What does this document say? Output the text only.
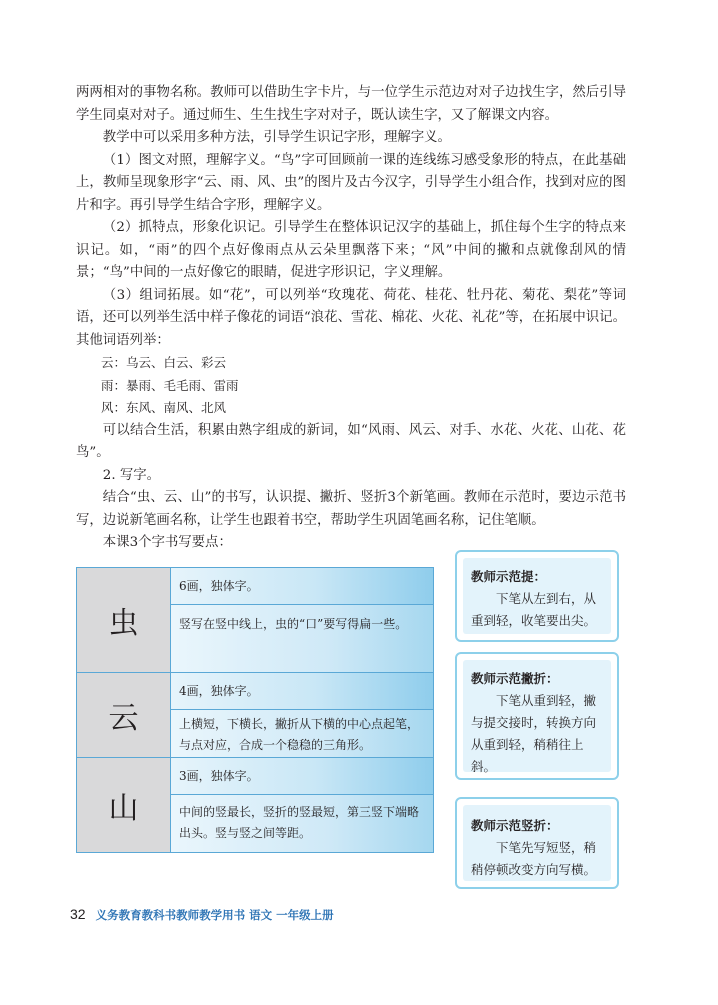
两两相对的事物名称。教师可以借助生字卡片，与一位学生示范边对对子边找生字，然后引导学生同桌对对子。通过师生、生生找生字对对子，既认读生字，又了解课文内容。

教学中可以采用多种方法，引导学生识记字形，理解字义。

（1）图文对照，理解字义。“鸟”字可回顾前一课的连线练习感受象形的特点，在此基础上，教师呈现象形字“云、雨、风、虫”的图片及古今汉字，引导学生小组合作，找到对应的图片和字。再引导学生结合字形，理解字义。

（2）抓特点，形象化识记。引导学生在整体识记汉字的基础上，抓住每个生字的特点来识记。如，“雨”的四个点好像雨点从云朵里飘落下来；“风”中间的撇和点就像刮风的情景；“鸟”中间的一点好像它的眼睛，促进字形识记，字义理解。

（3）组词拓展。如“花”，可以列举“玫瑰花、荷花、桂花、牡丹花、菊花、梨花”等词语，还可以列举生活中样子像花的词语“浪花、雪花、棉花、火花、礼花”等，在拓展中识记。其他词语列举：

云：乌云、白云、彩云

雨：暴雨、毛毛雨、雷雨

风：东风、南风、北风

可以结合生活，积累由熟字组成的新词，如“风雨、风云、对手、水花、火花、山花、花鸟”。

2. 写字。

结合“虫、云、山”的书写，认识提、撇折、竖折3个新笔画。教师在示范时，要边示范书写，边说新笔画名称，让学生也跟着书空，帮助学生巩固笔画名称，记住笔顺。

本课3个字书写要点：

虫
6画，独体字。
竖写在竖中线上，虫的“口”要写得扁一些。
云
4画，独体字。
上横短，下横长，撇折从下横的中心点起笔，与点对应，合成一个稳稳的三角形。
山
3画，独体字。
中间的竖最长，竖折的竖最短，第三竖下端略出头。竖与竖之间等距。
教师示范提：
下笔从左到右，从重到轻，收笔要出尖。
教师示范撇折：
下笔从重到轻，撇与提交接时，转换方向从重到轻，稍稍往上斜。
教师示范竖折：
下笔先写短竖，稍稍停顿改变方向写横。
32 义务教育教科书教师教学用书 语文 一年级上册
